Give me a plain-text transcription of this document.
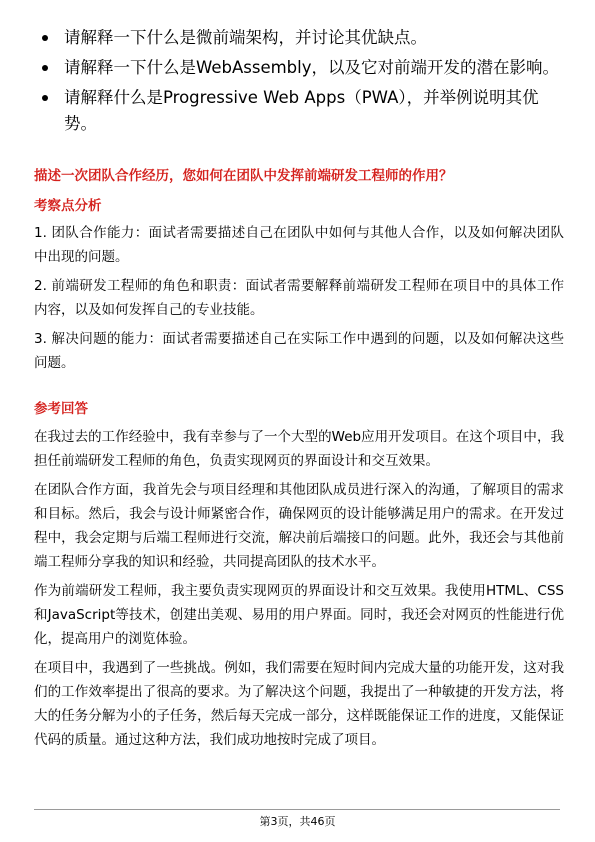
请解释一下什么是微前端架构，并讨论其优缺点。
请解释一下什么是WebAssembly，以及它对前端开发的潜在影响。
请解释什么是Progressive Web Apps（PWA），并举例说明其优势。
描述一次团队合作经历，您如何在团队中发挥前端研发工程师的作用？
考察点分析

1. 团队合作能力：面试者需要描述自己在团队中如何与其他人合作，以及如何解决团队中出现的问题。

2. 前端研发工程师的角色和职责：面试者需要解释前端研发工程师在项目中的具体工作内容，以及如何发挥自己的专业技能。

3. 解决问题的能力：面试者需要描述自己在实际工作中遇到的问题，以及如何解决这些问题。

参考回答

在我过去的工作经验中，我有幸参与了一个大型的Web应用开发项目。在这个项目中，我担任前端研发工程师的角色，负责实现网页的界面设计和交互效果。

在团队合作方面，我首先会与项目经理和其他团队成员进行深入的沟通，了解项目的需求和目标。然后，我会与设计师紧密合作，确保网页的设计能够满足用户的需求。在开发过程中，我会定期与后端工程师进行交流，解决前后端接口的问题。此外，我还会与其他前端工程师分享我的知识和经验，共同提高团队的技术水平。

作为前端研发工程师，我主要负责实现网页的界面设计和交互效果。我使用HTML、CSS和JavaScript等技术，创建出美观、易用的用户界面。同时，我还会对网页的性能进行优化，提高用户的浏览体验。

在项目中，我遇到了一些挑战。例如，我们需要在短时间内完成大量的功能开发，这对我们的工作效率提出了很高的要求。为了解决这个问题，我提出了一种敏捷的开发方法，将大的任务分解为小的子任务，然后每天完成一部分，这样既能保证工作的进度，又能保证代码的质量。通过这种方法，我们成功地按时完成了项目。

第3页，共46页
